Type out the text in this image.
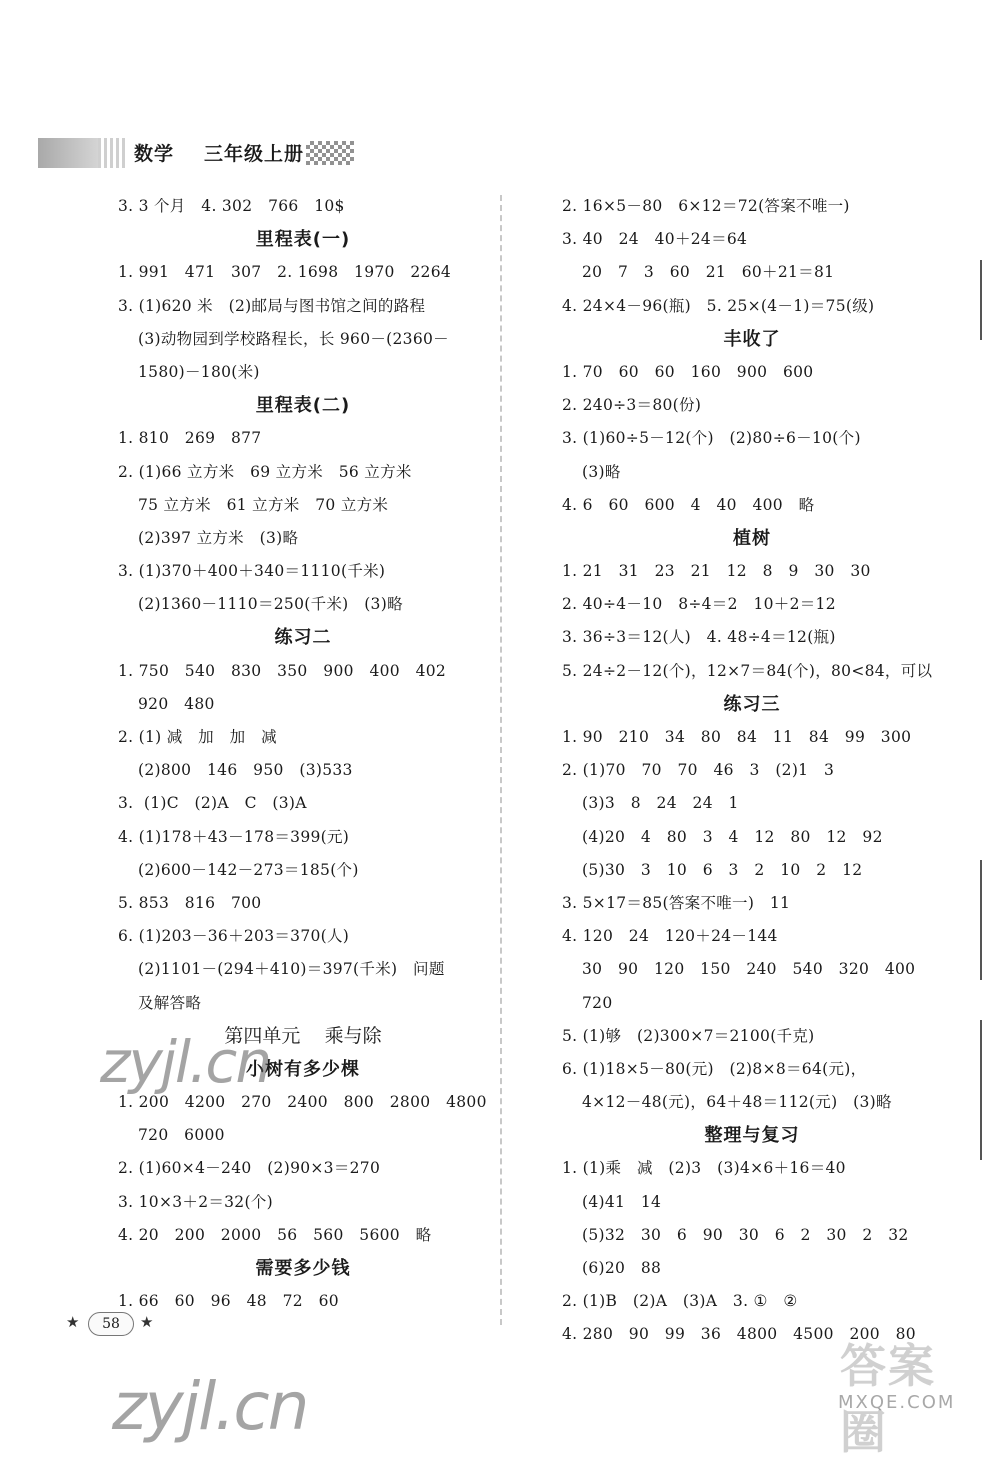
数学 三年级上册
3. 3 个月   4. 302   766   10$
里程表(一)
1. 991   471   307   2. 1698   1970   2264
3. (1)620 米   (2)邮局与图书馆之间的路程
(3)动物园到学校路程长，长 960－(2360－
1580)－180(米)
里程表(二)
1. 810   269   877
2. (1)66 立方米   69 立方米   56 立方米
75 立方米   61 立方米   70 立方米
(2)397 立方米   (3)略
3. (1)370＋400＋340＝1110(千米)
(2)1360－1110＝250(千米)   (3)略
练习二
1. 750   540   830   350   900   400   402
920   480
2. (1) 减   加   加   减
(2)800   146   950   (3)533
3.  (1)C   (2)A   C   (3)A
4. (1)178＋43－178＝399(元)
(2)600－142－273＝185(个)
5. 853   816   700
6. (1)203－36＋203＝370(人)
(2)1101－(294＋410)＝397(千米)   问题
及解答略
第四单元    乘与除
小树有多少棵
1. 200   4200   270   2400   800   2800   4800
720   6000
2. (1)60×4－240   (2)90×3＝270
3. 10×3＋2＝32(个)
4. 20   200   2000   56   560   5600   略
需要多少钱
1. 66   60   96   48   72   60
2. 16×5－80   6×12＝72(答案不唯一)
3. 40   24   40＋24＝64
20   7   3   60   21   60＋21＝81
4. 24×4－96(瓶)   5. 25×(4－1)＝75(级)
丰收了
1. 70   60   60   160   900   600
2. 240÷3＝80(份)
3. (1)60÷5－12(个)   (2)80÷6－10(个)
(3)略
4. 6   60   600   4   40   400   略
植树
1. 21   31   23   21   12   8   9   30   30
2. 40÷4－10   8÷4＝2   10＋2＝12
3. 36÷3＝12(人)   4. 48÷4＝12(瓶)
5. 24÷2－12(个)，12×7＝84(个)，80<84，可以
练习三
1. 90   210   34   80   84   11   84   99   300
2. (1)70   70   70   46   3   (2)1   3
(3)3   8   24   24   1
(4)20   4   80   3   4   12   80   12   92
(5)30   3   10   6   3   2   10   2   12
3. 5×17＝85(答案不唯一)   11
4. 120   24   120＋24－144
30   90   120   150   240   540   320   400
720
5. (1)够   (2)300×7＝2100(千克)
6. (1)18×5－80(元)   (2)8×8＝64(元)，
4×12－48(元)，64＋48＝112(元)   (3)略
整理与复习
1. (1)乘   减   (2)3   (3)4×6＋16＝40
(4)41   14
(5)32   30   6   90   30   6   2   30   2   32
(6)20   88
2. (1)B   (2)A   (3)A   3. ①   ②
4. 280   90   99   36   4800   4500   200   80
★	58	★
zyjl.cn
zyjl.cn
答案圈
MXQE.COM
